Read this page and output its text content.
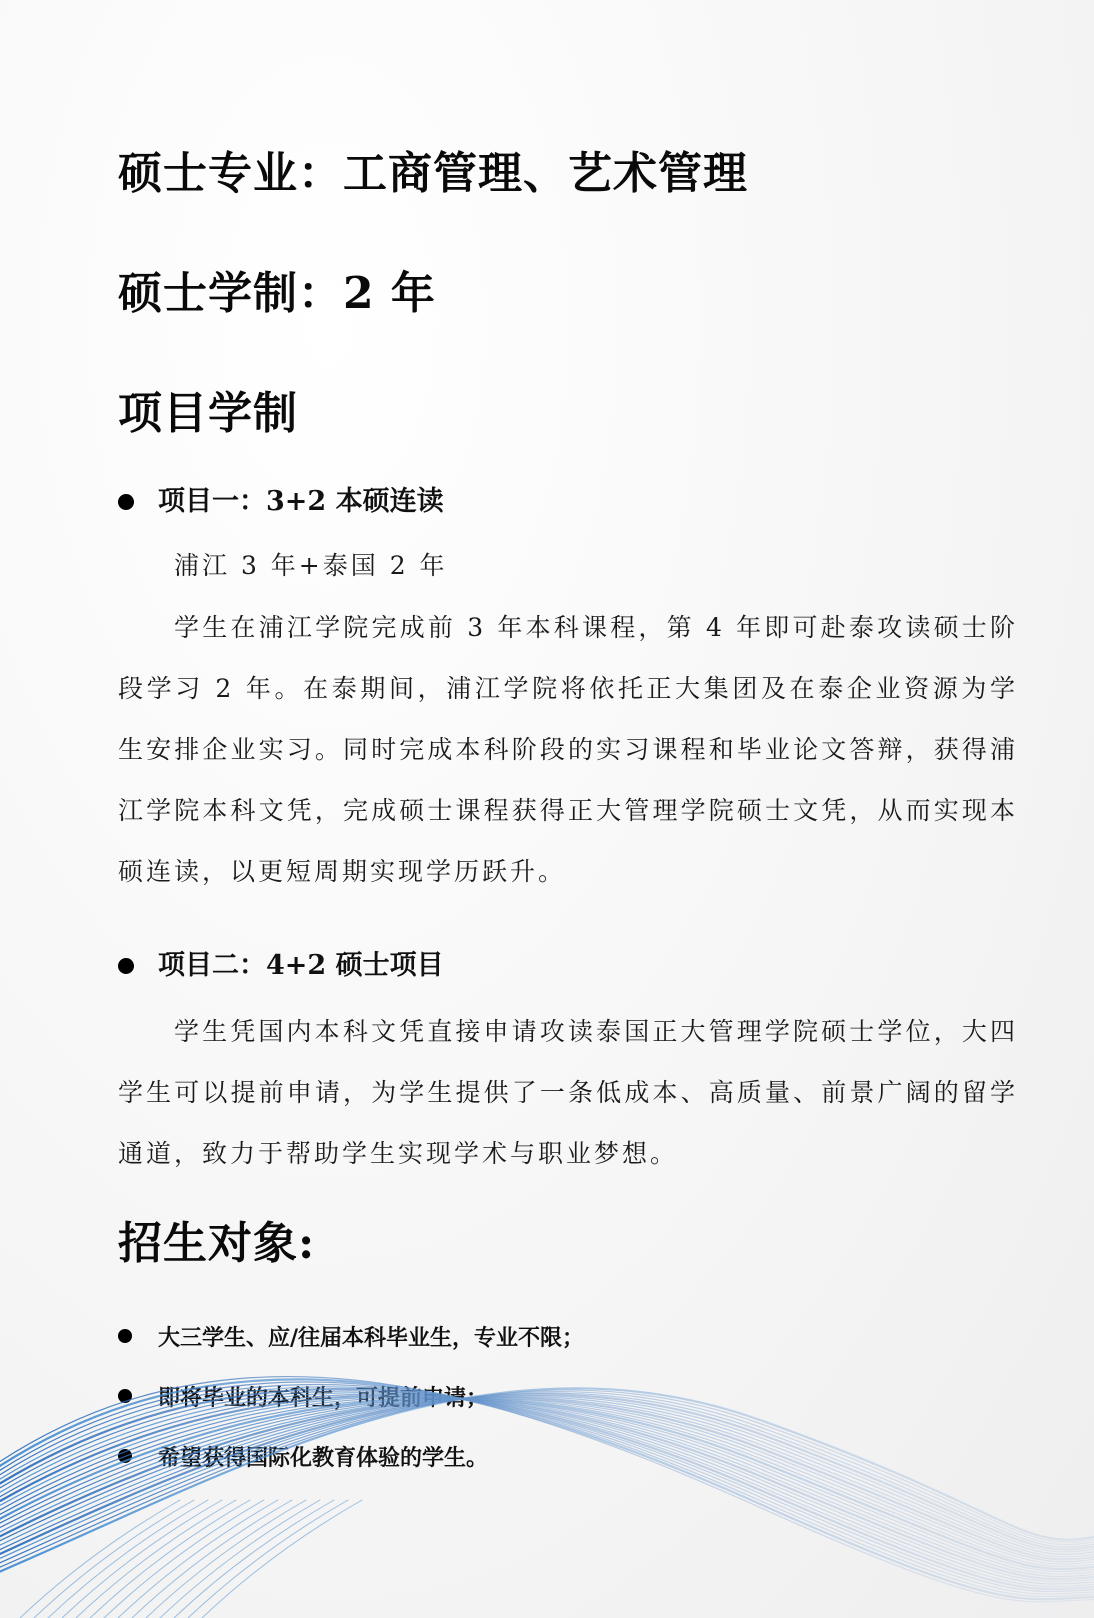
硕士专业：工商管理、艺术管理
硕士学制：2 年
项目学制
项目一：3+2 本硕连读

浦江 3 年+泰国 2 年

学生在浦江学院完成前 3 年本科课程，第 4 年即可赴泰攻读硕士阶段学习 2 年。在泰期间，浦江学院将依托正大集团及在泰企业资源为学生安排企业实习。同时完成本科阶段的实习课程和毕业论文答辩，获得浦江学院本科文凭，完成硕士课程获得正大管理学院硕士文凭，从而实现本硕连读，以更短周期实现学历跃升。

项目二：4+2 硕士项目

学生凭国内本科文凭直接申请攻读泰国正大管理学院硕士学位，大四学生可以提前申请，为学生提供了一条低成本、高质量、前景广阔的留学通道，致力于帮助学生实现学术与职业梦想。

招生对象:
大三学生、应/往届本科毕业生，专业不限；
即将毕业的本科生，可提前申请；
希望获得国际化教育体验的学生。
